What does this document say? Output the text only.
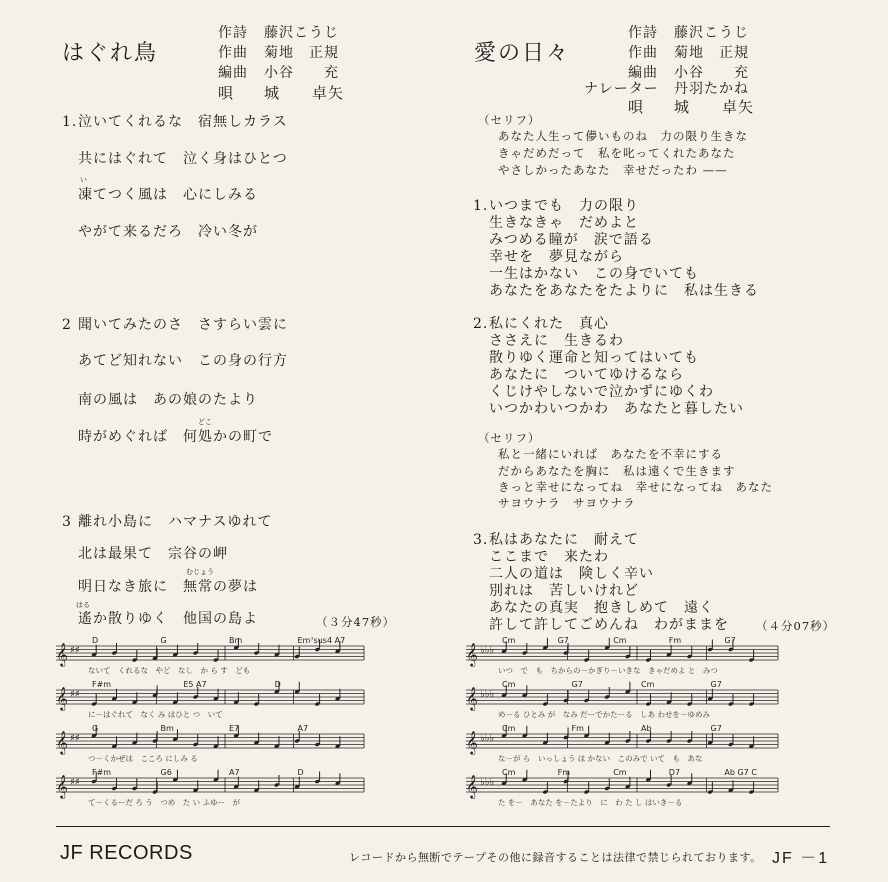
はぐれ鳥
作詩	藤沢こうじ
作曲	菊地　正規
編曲	小谷　　充
唄	城　　卓矢
1.泣いてくれるな　宿無しカラス
共にはぐれて　泣く身はひとつ
い
凍てつく風は　心にしみる
やがて来るだろ　冷い冬が
2 聞いてみたのさ　さすらい雲に
あてど知れない　この身の行方
南の風は　あの娘のたより
どこ
時がめぐれば　何処かの町で
3 離れ小島に　ハマナスゆれて
北は最果て　宗谷の岬
むじょう
明日なき旅に　無常の夢は
はる
遙か散りゆく　他国の島よ	（３分47秒）
愛の日々
作詩	藤沢こうじ
作曲	菊地　正規
編曲	小谷　　充
ナレーター	丹羽たかね
唄	城　　卓矢
（セリフ）
あなた人生って儚いものね　力の限り生きな
きゃだめだって　私を叱ってくれたあなた
やさしかったあなた　幸せだったわ ——
1.いつまでも　力の限り
生きなきゃ　だめよと
みつめる瞳が　涙で語る
幸せを　夢見ながら
一生はかない　この身でいても
あなたをあなたをたよりに　私は生きる
2.私にくれた　真心
ささえに　生きるわ
散りゆく運命と知ってはいても
あなたに　ついてゆけるなら
くじけやしないで泣かずにゆくわ
いつかわいつかわ　あなたと暮したい
（セリフ）
私と一緒にいれば　あなたを不幸にする
だからあなたを胸に　私は遠くで生きます
きっと幸せになってね　幸せになってね　あなた
サヨウナラ　サヨウナラ
3.私はあなたに　耐えて
ここまで　来たわ
二人の道は　険しく辛い
別れは　苦しいけれど
あなたの真実　抱きしめて　遠く
許して許してごめんね　わがままを （４分07秒）
𝄞 ♯♯
D	G	Bm	Em⁷sus4 A7
ないて　くれるな　やど　なし　か ら す　ども
𝄞 ♯♯
F#m	E5 A7	D
に－はぐれて　なく み はひと つ　いて
𝄞 ♯♯
G	Bm	E7	A7
つ－くかぜは　こころ にしみ る
𝄞 ♯♯
F#m	G6	A7	D
て－くるーだ ろ う　つめ　た い ふゆー　が
𝄞 ♭♭♭
Cm	G7	Cm	Fm	G7
いつ　で　も　ちからの－かぎり－いきな　きゃだめよ と　みつ
𝄞 ♭♭♭
Cm	G7	Cm	G7
め－る ひとみ が　なみ だーでかたーる　しあ わせを－ゆめみ
𝄞 ♭♭♭
Cm	Fm	Ab	G7
な－が ら　いっしょう は かない　このみで いて　も　あな
𝄞 ♭♭♭
Cm	Fm	Cm	D7	Ab G7 C
た を－　あなた を－たより　に　わ た し はいき－る
JF RECORDS	レコードから無断でテープその他に録音することは法律で禁じられております。 JF －1
